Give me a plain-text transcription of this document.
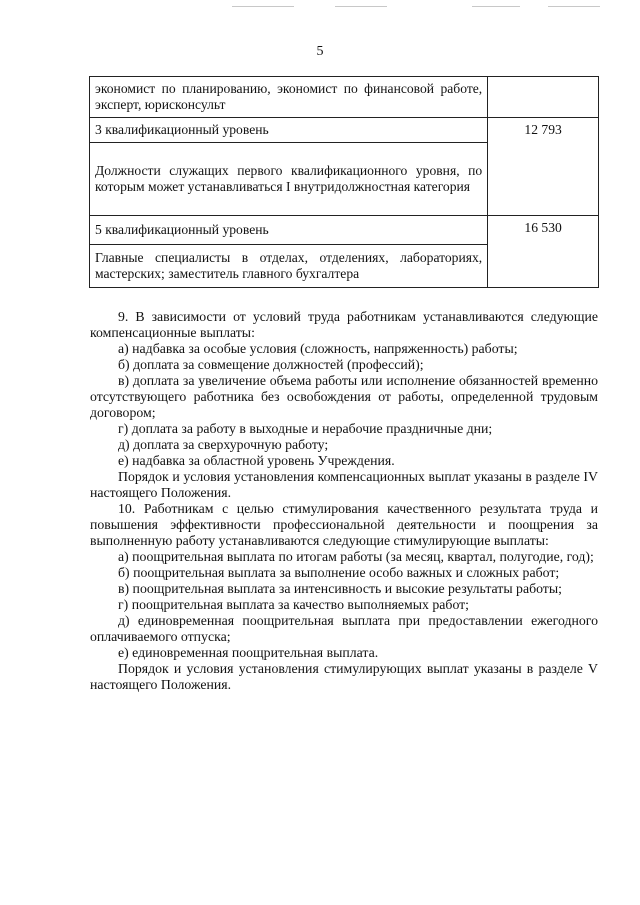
5
экономист по планированию, экономист по финансовой работе, эксперт, юрисконсульт	
3 квалификационный уровень	12 793
Должности служащих первого квалификационного уровня, по которым может устанавливаться I внутридолжностная категория	
5 квалификационный уровень	16 530
Главные специалисты в отделах, отделениях, лабораториях, мастерских; заместитель главного бухгалтера	

9. В зависимости от условий труда работникам устанавливаются следующие компенсационные выплаты:

а) надбавка за особые условия (сложность, напряженность) работы;

б) доплата за совмещение должностей (профессий);

в) доплата за увеличение объема работы или исполнение обязанностей временно отсутствующего работника без освобождения от работы, определенной трудовым договором;

г) доплата за работу в выходные и нерабочие праздничные дни;

д) доплата за сверхурочную работу;

е) надбавка за областной уровень Учреждения.

Порядок и условия установления компенсационных выплат указаны в разделе IV настоящего Положения.

10. Работникам с целью стимулирования качественного результата труда и повышения эффективности профессиональной деятельности и поощрения за выполненную работу устанавливаются следующие стимулирующие выплаты:

а) поощрительная выплата по итогам работы (за месяц, квартал, полугодие, год);

б) поощрительная выплата за выполнение особо важных и сложных работ;

в) поощрительная выплата за интенсивность и высокие результаты работы;

г) поощрительная выплата за качество выполняемых работ;

д) единовременная поощрительная выплата при предоставлении ежегодного оплачиваемого отпуска;

е) единовременная поощрительная выплата.

Порядок и условия установления стимулирующих выплат указаны в разделе V настоящего Положения.
